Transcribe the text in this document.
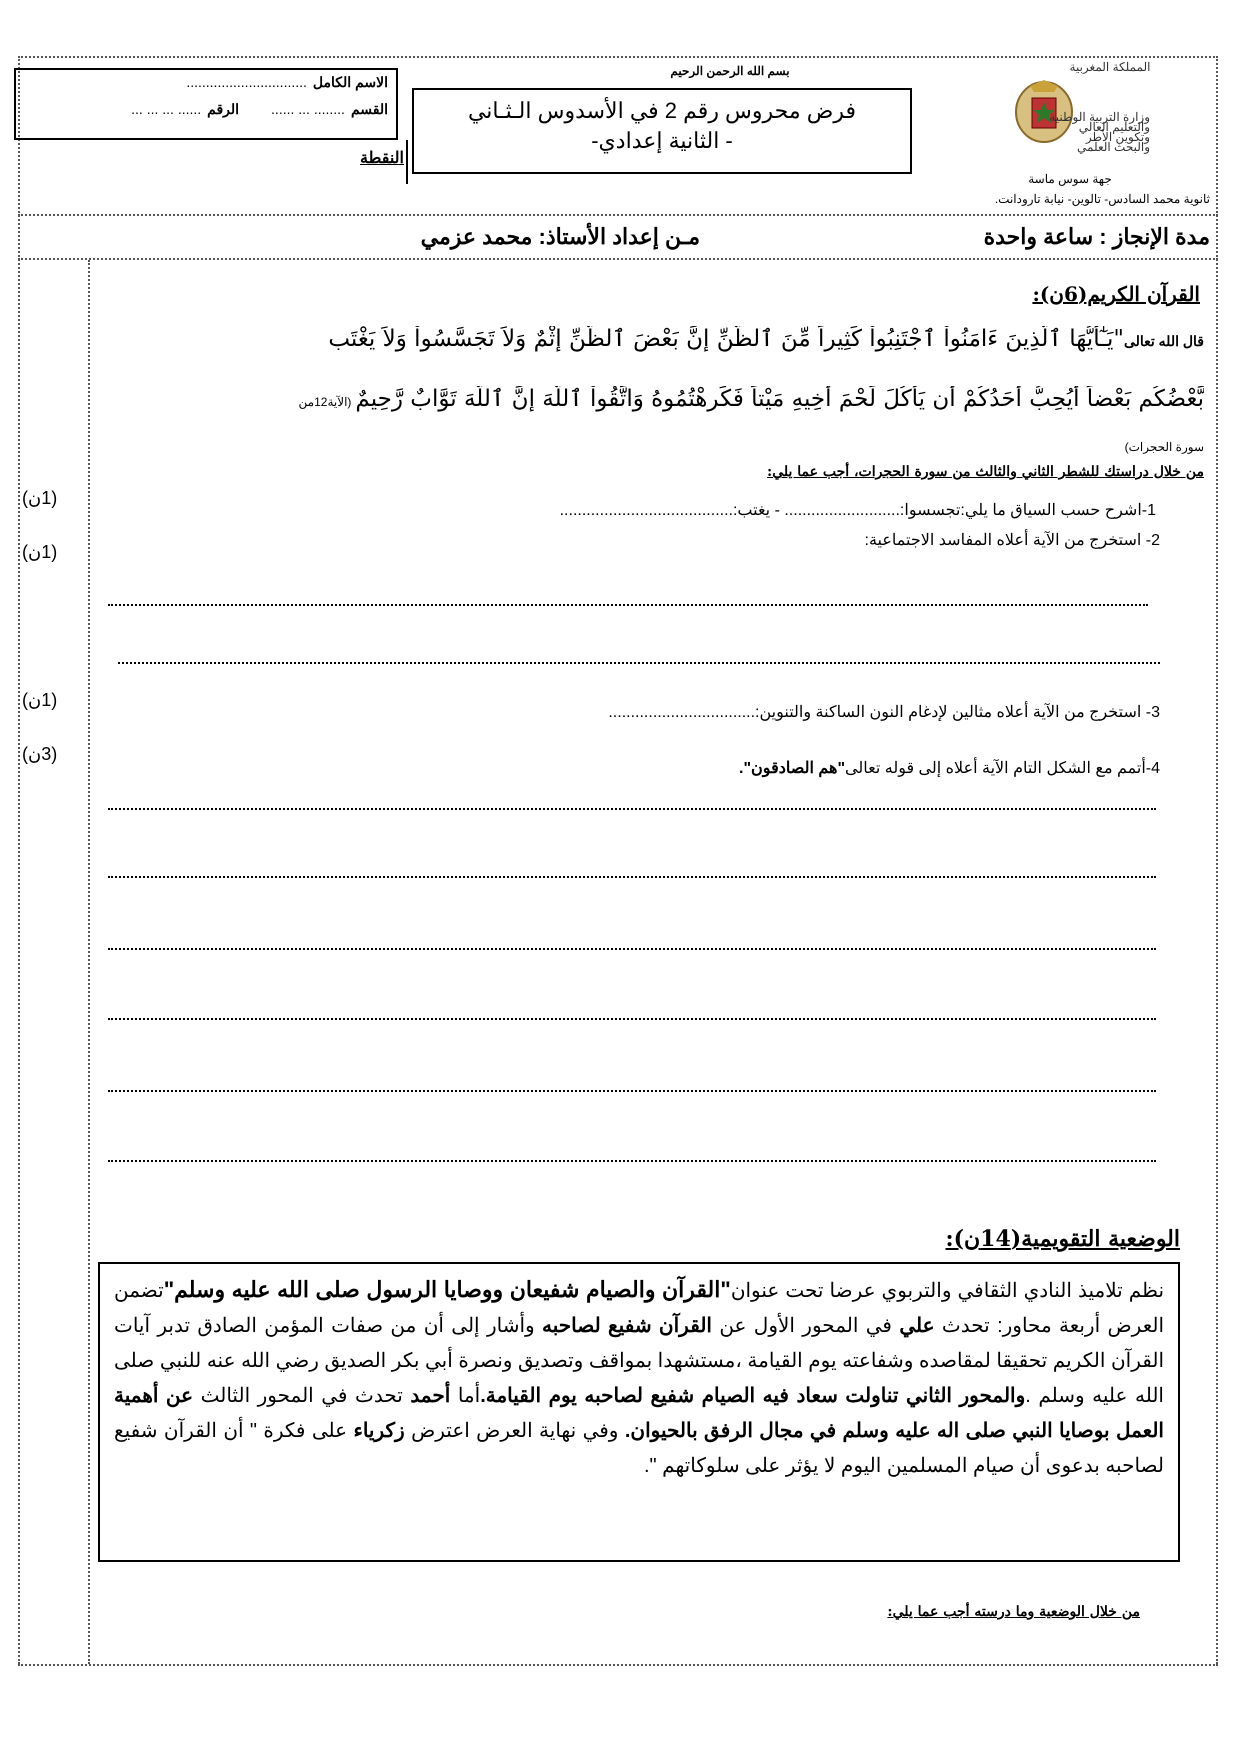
بسم الله الرحمن الرحيم	المملكة المغربية
وزارة التربية الوطنية
والتعليم العالي
وتكوين الأطر
والبحث العلمي
جهة سوس ماسة
ثانوية محمد السادس- تالوين- نيابة تارودانت.
فرض محروس رقم 2 في الأسدوس الـثـاني
- الثانية إعدادي-
الاسم الكامل
...............................
القسم
........ ... ......
الرقم
...... ... ... ...
النقطة
مدة الإنجاز : ساعة واحدة
مـن إعداد الأستاذ: محمد عزمي
القرآن الكريم(6ن):
قال الله تعالى"يَـٰٓأَيُّهَا ٱلَّذِينَ ءَامَنُواْ ٱجْتَنِبُواْ كَثِيراً مِّنَ ٱلظَّنِّ إِنَّ بَعْضَ ٱلظَّنِّ إِثْمٌ وَلاَ تَجَسَّسُواْ وَلاَ يَغْتَب
بَّعْضُكُم بَعْضاً أَيُحِبُّ أَحَدُكُمْ أَن يَأْكُلَ لَحْمَ أَخِيهِ مَيْتاً فَكَرِهْتُمُوهُ وَاتَّقُواْ ٱللَّهَ إِنَّ ٱللَّهَ تَوَّابٌ رَّحِيمٌ(الآية12من
سورة الحجرات)
من خلال دراستك للشطر الثاني والثالث من سورة الحجرات، أجب عما يلي:
1-اشرح حسب السياق ما يلي:تجسسوا:.......................... - يغتب:.......................................
2- استخرج من الآية أعلاه المفاسد الاجتماعية:
3- استخرج من الآية أعلاه مثالين لإدغام النون الساكنة والتنوين:.................................
4-أتمم مع الشكل التام الآية أعلاه إلى قوله تعالى"هم الصادقون".
(1ن)
(1ن)
(1ن)
(3ن)
الوضعية التقويمية(14ن):
نظم تلاميذ النادي الثقافي والتربوي عرضا تحت عنوان"القرآن والصيام شفيعان ووصايا الرسول صلى الله عليه وسلم"تضمن العرض أربعة محاور: تحدث علي في المحور الأول عن القرآن شفيع لصاحبه وأشار إلى أن من صفات المؤمن الصادق تدبر آيات القرآن الكريم تحقيقا لمقاصده وشفاعته يوم القيامة ،مستشهدا بمواقف وتصديق ونصرة أبي بكر الصديق رضي الله عنه للنبي صلى الله عليه وسلم .والمحور الثاني تناولت سعاد فيه الصيام شفيع لصاحبه يوم القيامة.أما أحمد تحدث في المحور الثالث عن أهمية العمل بوصايا النبي صلى اله عليه وسلم في مجال الرفق بالحيوان. وفي نهاية العرض اعترض زكرياء على فكرة " أن القرآن شفيع لصاحبه بدعوى أن صيام المسلمين اليوم لا يؤثر على سلوكاتهم ".
من خلال الوضعية وما درسته أجب عما يلي:
